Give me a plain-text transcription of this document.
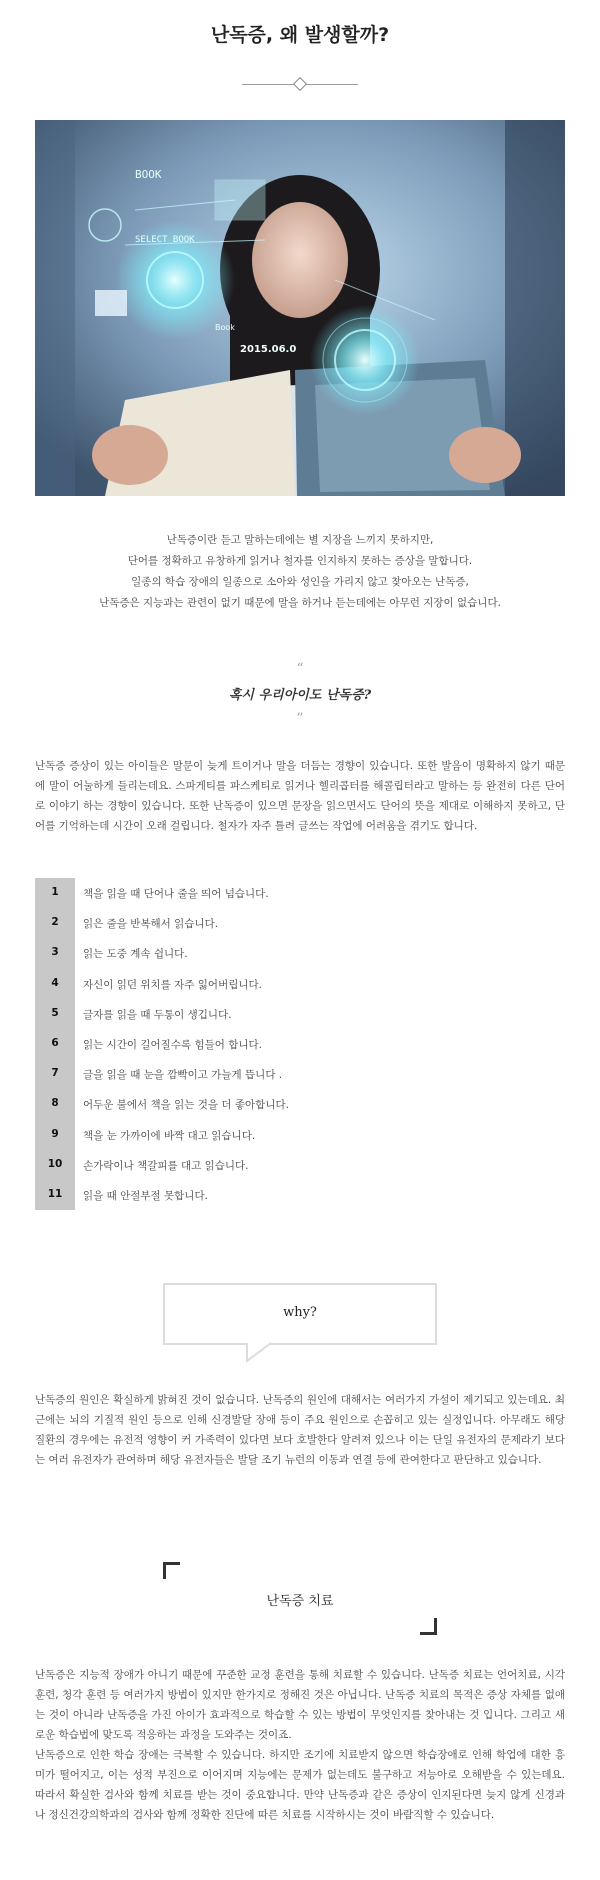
난독증, 왜 발생할까?
BOOK
SELECT BOOK
2015.06.0
Book
난독증이란 듣고 말하는데에는 별 지장을 느끼지 못하지만,
단어를 정확하고 유창하게 읽거나 철자를 인지하지 못하는 증상을 말합니다.
일종의 학습 장애의 일종으로 소아와 성인을 가리지 않고 찾아오는 난독증,
난독증은 지능과는 관련이 없기 때문에 말을 하거나 듣는데에는 아무런 지장이 없습니다.
“
혹시 우리아이도 난독증?
”
난독증 증상이 있는 아이들은 말문이 늦게 트이거나 말을 더듬는 경향이 있습니다. 또한 발음이 명확하지 않기 때문에 말이 어눌하게 들리는데요. 스파게티를 파스케티로 읽거나 헬리콥터를 해콜립터라고 말하는 등 완전히 다른 단어로 이야기 하는 경향이 있습니다. 또한 난독증이 있으면 문장을 읽으면서도 단어의 뜻을 제대로 이해하지 못하고, 단어를 기억하는데 시간이 오래 걸립니다. 철자가 자주 틀려 글쓰는 작업에 어려움을 겪기도 합니다.
1	책을 읽을 때 단어나 줄을 띄어 넘습니다.
2	읽은 줄을 반복해서 읽습니다.
3	읽는 도중 계속 쉽니다.
4	자신이 읽던 위치를 자주 잃어버립니다.
5	글자를 읽을 때 두통이 생깁니다.
6	읽는 시간이 길어질수록 힘들어 합니다.
7	글을 읽을 때 눈을 깜빡이고 가늘게 뜹니다 .
8	어두운 불에서 책을 읽는 것을 더 좋아합니다.
9	책을 눈 가까이에 바짝 대고 읽습니다.
10	손가락이나 책갈피를 대고 읽습니다.
11	읽을 때 안절부절 못합니다.
why?
난독증의 원인은 확실하게 밝혀진 것이 없습니다. 난독증의 원인에 대해서는 여러가지 가설이 제기되고 있는데요. 최근에는 뇌의 기질적 원인 등으로 인해 신경발달 장애 등이 주요 원인으로 손꼽히고 있는 실정입니다. 아무래도 해당 질환의 경우에는 유전적 영향이 커 가족력이 있다면 보다 호발한다 알려져 있으나 이는 단일 유전자의 문제라기 보다는 여러 유전자가 관여하며 해당 유전자들은 발달 조기 뉴런의 이동과 연결 등에 관여한다고 판단하고 있습니다.
난독증 치료
난독증은 지능적 장애가 아니기 때문에 꾸준한 교정 훈련을 통해 치료할 수 있습니다. 난독증 치료는 언어치료, 시각훈련, 청각 훈련 등 여러가지 방법이 있지만 한가지로 정해진 것은 아닙니다. 난독증 치료의 목적은 증상 자체를 없애는 것이 아니라 난독증을 가진 아이가 효과적으로 학습할 수 있는 방법이 무엇인지를 찾아내는 것 입니다. 그리고 새로운 학습법에 맞도록 적응하는 과정을 도와주는 것이죠.
난독증으로 인한 학습 장애는 극복할 수 있습니다. 하지만 조기에 치료받지 않으면 학습장애로 인해 학업에 대한 흥미가 떨어지고, 이는 성적 부진으로 이어지며 지능에는 문제가 없는데도 불구하고 저능아로 오해받을 수 있는데요. 따라서 확실한 검사와 함께 치료를 받는 것이 중요합니다. 만약 난독증과 같은 증상이 인지된다면 늦지 않게 신경과나 정신건강의학과의 검사와 함께 정확한 진단에 따른 치료를 시작하시는 것이 바람직할 수 있습니다.
